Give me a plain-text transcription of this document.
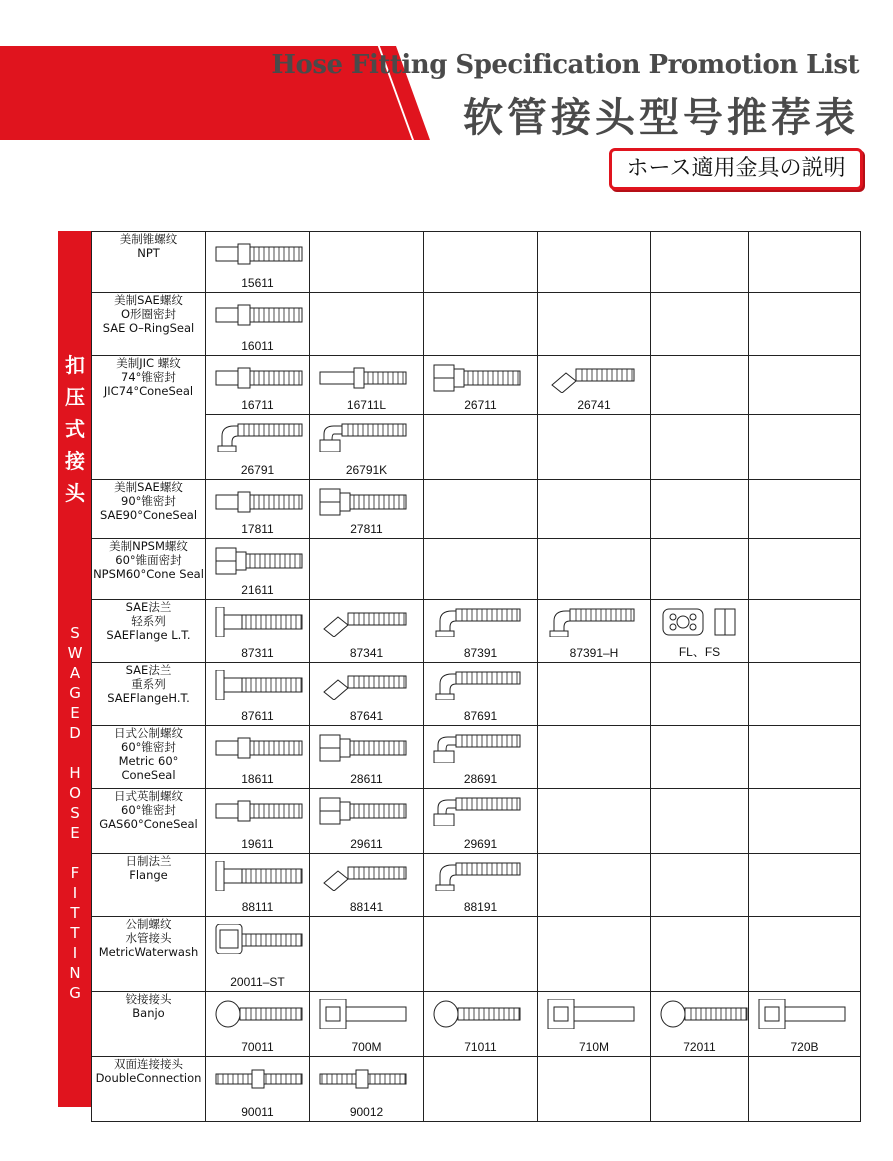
Hose Fitting Specification Promotion List
软管接头型号推荐表
ホース適用金具の説明
扣
压
式
接
头
S
W
A
G
E
D

H
O
S
E

F
I
T
T
I
N
G
美制锥螺纹
NPT	15611					

美制SAE螺纹
O形圈密封
SAE O–RingSeal	16011					

美制JIC 螺纹
74°锥密封
JIC74°ConeSeal	16711	16711L	26711	26741		

	26791	26791K				

美制SAE螺纹
90°锥密封
SAE90°ConeSeal	17811	27811				

美制NPSM螺纹
60°锥面密封
NPSM60°Cone Seal	21611					

SAE法兰
轻系列
SAEFlange L.T.	87311	87341	87391	87391–H	FL、FS	

SAE法兰
重系列
SAEFlangeH.T.	87611	87641	87691			

日式公制螺纹
60°锥密封
Metric 60°
ConeSeal	18611	28611	28691			

日式英制螺纹
60°锥密封
GAS60°ConeSeal	19611	29611	29691			

日制法兰
Flange	88111	88141	88191			

公制螺纹
水管接头
MetricWaterwash	20011–ST					

铰接接头
Banjo	70011	700M	71011	710M	72011	720B

双面连接接头
DoubleConnection	90011	90012				
